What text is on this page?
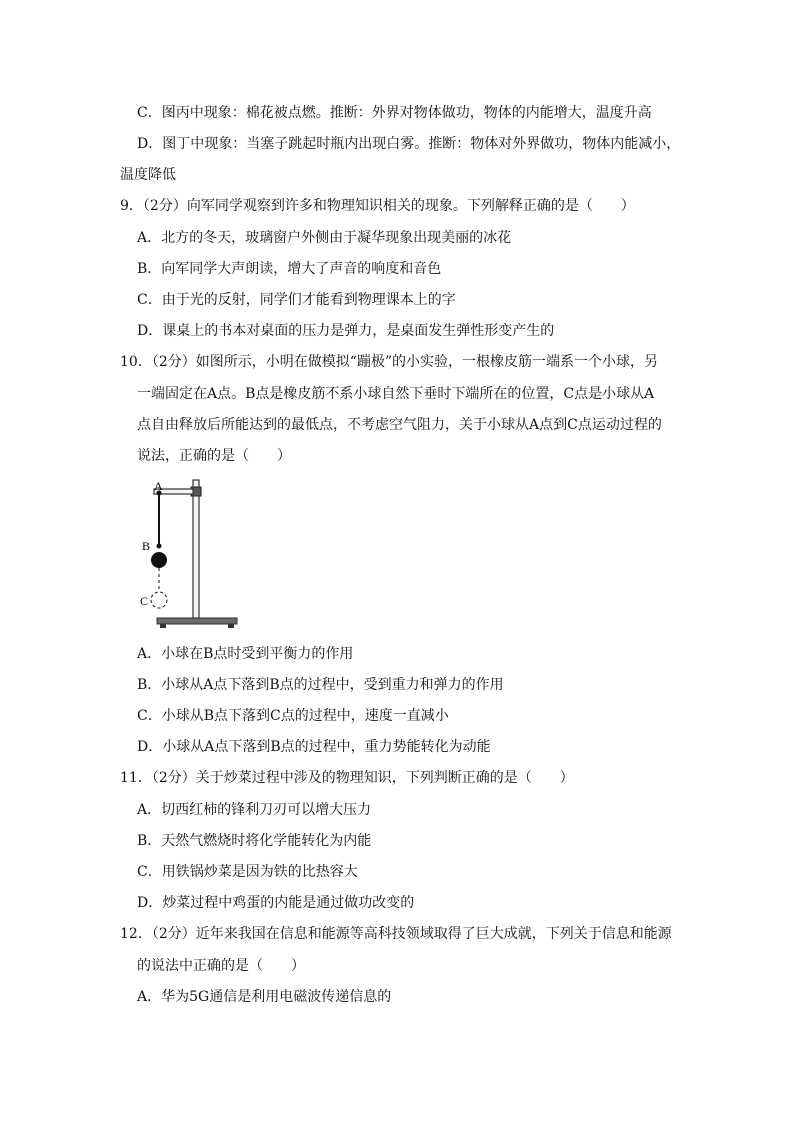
C．图丙中现象：棉花被点燃。推断：外界对物体做功，物体的内能增大，温度升高
D．图丁中现象：当塞子跳起时瓶内出现白雾。推断：物体对外界做功，物体内能减小，
温度降低
9．（2分）向军同学观察到许多和物理知识相关的现象。下列解释正确的是（　　）
A．北方的冬天，玻璃窗户外侧由于凝华现象出现美丽的冰花
B．向军同学大声朗读，增大了声音的响度和音色
C．由于光的反射，同学们才能看到物理课本上的字
D．课桌上的书本对桌面的压力是弹力，是桌面发生弹性形变产生的
10．（2分）如图所示，小明在做模拟“蹦极”的小实验，一根橡皮筋一端系一个小球，另
一端固定在A点。B点是橡皮筋不系小球自然下垂时下端所在的位置，C点是小球从A
点自由释放后所能达到的最低点，不考虑空气阻力，关于小球从A点到C点运动过程的
说法，正确的是（　　）
A
B
C
A．小球在B点时受到平衡力的作用
B．小球从A点下落到B点的过程中，受到重力和弹力的作用
C．小球从B点下落到C点的过程中，速度一直减小
D．小球从A点下落到B点的过程中，重力势能转化为动能
11．（2分）关于炒菜过程中涉及的物理知识，下列判断正确的是（　　）
A．切西红柿的锋利刀刃可以增大压力
B．天然气燃烧时将化学能转化为内能
C．用铁锅炒菜是因为铁的比热容大
D．炒菜过程中鸡蛋的内能是通过做功改变的
12．（2分）近年来我国在信息和能源等高科技领域取得了巨大成就，下列关于信息和能源
的说法中正确的是（　　）
A．华为5G通信是利用电磁波传递信息的
